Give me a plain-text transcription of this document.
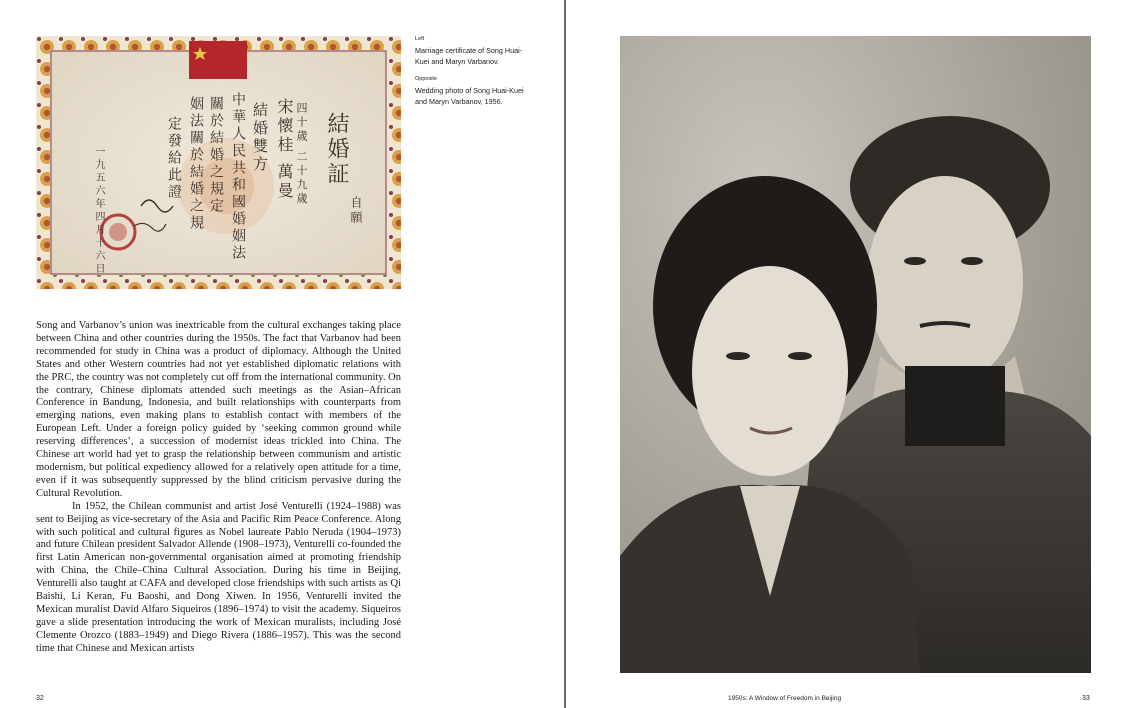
結婚証
宋懷桂 萬曼 四十歲 二十九歲
結婚雙方
中華人民共和國婚姻法
關於結婚之規定
姻法關於結婚之規
定發給此證
自願
一九五六年四月十六日
Left
Marriage certificate of Song Huai-Kuei and Maryn Varbanov.
Opposite
Wedding photo of Song Huai-Kuei and Maryn Varbanov, 1956.

Song and Varbanov’s union was inextricable from the cultural exchanges taking place between China and other countries during the 1950s. The fact that Varbanov had been recommended for study in China was a product of diplomacy. Although the United States and other Western countries had not yet established diplomatic relations with the PRC, the country was not completely cut off from the international community. On the contrary, Chinese diplomats attended such meetings as the Asian–African Conference in Bandung, Indonesia, and built relationships with counterparts from emerging nations, even making plans to establish contact with members of the European Left. Under a foreign policy guided by ‘seeking common ground while reserving differences’, a succession of modernist ideas trickled into China. The Chinese art world had yet to grasp the relationship between communism and artistic modernism, but political expediency allowed for a relatively open attitude for a time, even if it was subsequently suppressed by the blind criticism pervasive during the Cultural Revolution.

In 1952, the Chilean communist and artist José Venturelli (1924–1988) was sent to Beijing as vice-secretary of the Asia and Pacific Rim Peace Conference. Along with such political and cultural figures as Nobel laureate Pablo Neruda (1904–1973) and future Chilean president Salvador Allende (1908–1973), Venturelli co-founded the first Latin American non-governmental organisation aimed at promoting friendship with China, the Chile–China Cultural Association. During his time in Beijing, Venturelli also taught at CAFA and developed close friendships with such artists as Qi Baishi, Li Keran, Fu Baoshi, and Dong Xiwen. In 1956, Venturelli invited the Mexican muralist David Alfaro Siqueiros (1896–1974) to visit the academy. Siqueiros gave a slide presentation introducing the work of Mexican muralists, including José Clemente Orozco (1883–1949) and Diego Rivera (1886–1957). This was the second time that Chinese and Mexican artists

32	1950s: A Window of Freedom in Beijing	33
